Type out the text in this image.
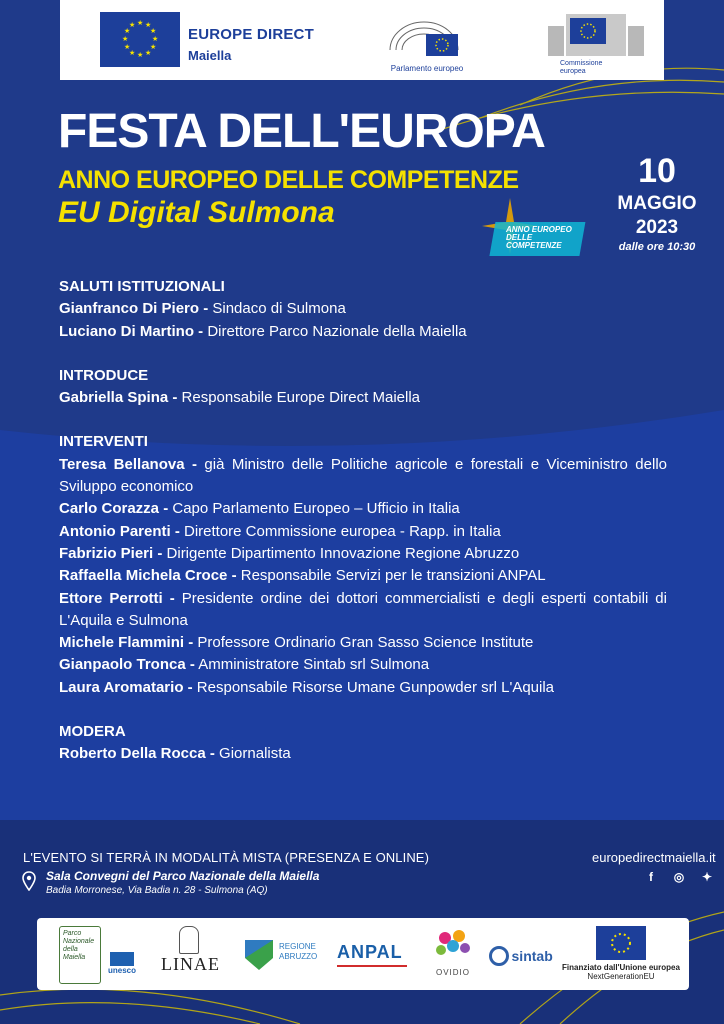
★ ★
★
★
★
★
★
★
★
★
★
★
EUROPE DIRECT
Maiella
Parlamento europeo
Commissione europea
FESTA DELL'EUROPA
ANNO EUROPEO DELLE COMPETENZE
EU Digital Sulmona
10
MAGGIO
2023
dalle ore 10:30
ANNO EUROPEO DELLE COMPETENZE
SALUTI ISTITUZIONALI
Gianfranco Di Piero - Sindaco di Sulmona
Luciano Di Martino - Direttore Parco Nazionale della Maiella
INTRODUCE
Gabriella Spina - Responsabile Europe Direct Maiella
INTERVENTI
Teresa Bellanova - già Ministro delle Politiche agricole e forestali e Viceministro dello Sviluppo economico
Carlo Corazza - Capo Parlamento Europeo – Ufficio in Italia
Antonio Parenti - Direttore Commissione europea - Rapp. in Italia
Fabrizio Pieri - Dirigente Dipartimento Innovazione Regione Abruzzo
Raffaella Michela Croce - Responsabile Servizi per le transizioni ANPAL
Ettore Perrotti - Presidente ordine dei dottori commercialisti e degli esperti contabili di L'Aquila e Sulmona
Michele Flammini - Professore Ordinario Gran Sasso Science Institute
Gianpaolo Tronca - Amministratore Sintab srl Sulmona
Laura Aromatario - Responsabile Risorse Umane Gunpowder srl L'Aquila
MODERA
Roberto Della Rocca - Giornalista
L'EVENTO SI TERRÀ IN MODALITÀ MISTA (PRESENZA E ONLINE)	europedirectmaiella.it
Sala Convegni del Parco Nazionale della Maiella
Badia Morronese, Via Badia n. 28 - Sulmona (AQ)
f ◎ ✦
Parco Nazionale della Maiella
unesco LINAE
REGIONE ABRUZZO	ANPAL
OVIDIO
sintab
Finanziato dall'Unione europea
NextGenerationEU
